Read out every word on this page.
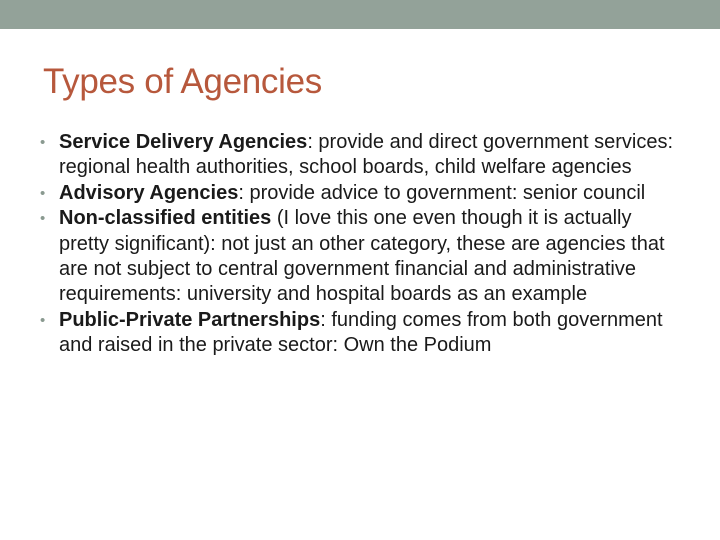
Types of Agencies
• Service Delivery Agencies: provide and direct government services: regional health authorities, school boards, child welfare agencies
• Advisory Agencies: provide advice to government: senior council
• Non-classified entities (I love this one even though it is actually pretty significant): not just an other category, these are agencies that are not subject to central government financial and administrative requirements: university and hospital boards as an example
• Public-Private Partnerships: funding comes from both government and raised in the private sector: Own the Podium
